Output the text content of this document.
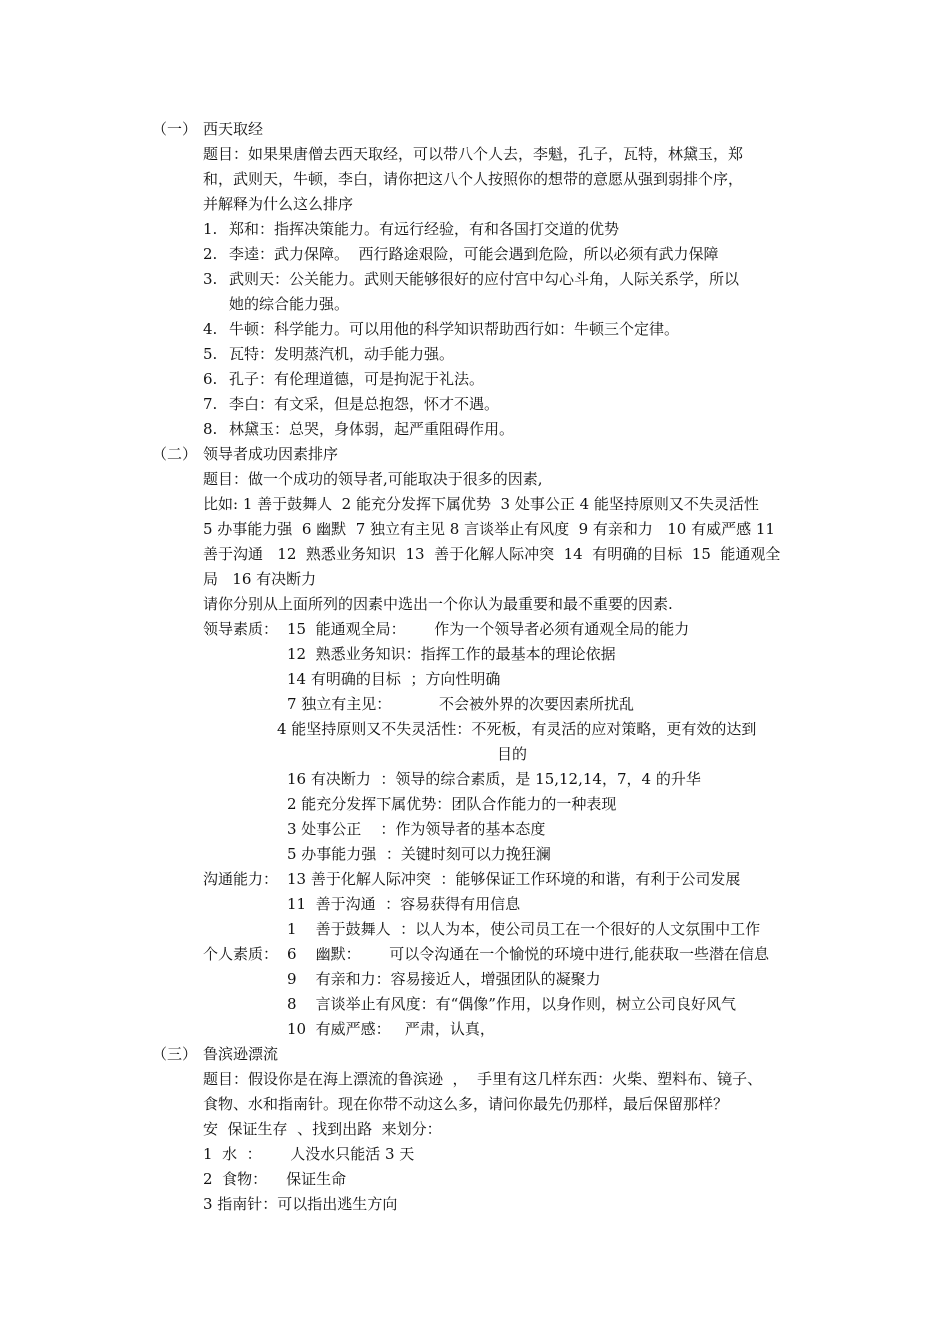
（一） 西天取经
题目：如果果唐僧去西天取经，可以带八个人去，李魁，孔子，瓦特，林黛玉，郑
和，武则天，牛顿，李白，请你把这八个人按照你的想带的意愿从强到弱排个序，
并解释为什么这么排序
1. 郑和：指挥决策能力。有远行经验，有和各国打交道的优势
2. 李逵：武力保障。  西行路途艰险，可能会遇到危险，所以必须有武力保障
3. 武则天：公关能力。武则天能够很好的应付宫中勾心斗角，人际关系学，所以
她的综合能力强。
4. 牛顿：科学能力。可以用他的科学知识帮助西行如：牛顿三个定律。
5. 瓦特：发明蒸汽机，动手能力强。
6. 孔子：有伦理道德，可是拘泥于礼法。
7. 李白：有文采，但是总抱怨，怀才不遇。
8. 林黛玉：总哭，身体弱，起严重阻碍作用。
（二） 领导者成功因素排序
题目：做一个成功的领导者,可能取决于很多的因素,
比如: 1 善于鼓舞人  2 能充分发挥下属优势  3 处事公正 4 能坚持原则又不失灵活性
5 办事能力强  6 幽默  7 独立有主见 8 言谈举止有风度  9 有亲和力   10 有威严感 11
善于沟通   12  熟悉业务知识  13  善于化解人际冲突  14  有明确的目标  15  能通观全
局   16 有决断力
请你分别从上面所列的因素中选出一个你认为最重要和最不重要的因素.
领导素质： 15  能通观全局：      作为一个领导者必须有通观全局的能力
12  熟悉业务知识：指挥工作的最基本的理论依据
14 有明确的目标  ；方向性明确
7 独立有主见：          不会被外界的次要因素所扰乱
4 能坚持原则又不失灵活性：不死板，有灵活的应对策略，更有效的达到
目的
16 有决断力  ：领导的综合素质，是 15,12,14，7，4 的升华
2 能充分发挥下属优势：团队合作能力的一种表现
3 处事公正    ：作为领导者的基本态度
5 办事能力强  ：关键时刻可以力挽狂澜
沟通能力： 13 善于化解人际冲突  ：能够保证工作环境的和谐，有利于公司发展
11  善于沟通  ：容易获得有用信息
1    善于鼓舞人  ：以人为本，使公司员工在一个很好的人文氛围中工作
个人素质： 6    幽默：      可以令沟通在一个愉悦的环境中进行,能获取一些潜在信息
9    有亲和力：容易接近人，增强团队的凝聚力
8    言谈举止有风度：有“偶像”作用，以身作则，树立公司良好风气
10  有威严感：   严肃，认真，
（三） 鲁滨逊漂流
题目：假设你是在海上漂流的鲁滨逊  ，  手里有这几样东西：火柴、塑料布、镜子、
食物、水和指南针。现在你带不动这么多，请问你最先仍那样，最后保留那样？
安  保证生存  、找到出路  来划分：
1  水  ：      人没水只能活 3 天
2  食物：    保证生命
3 指南针：可以指出逃生方向
